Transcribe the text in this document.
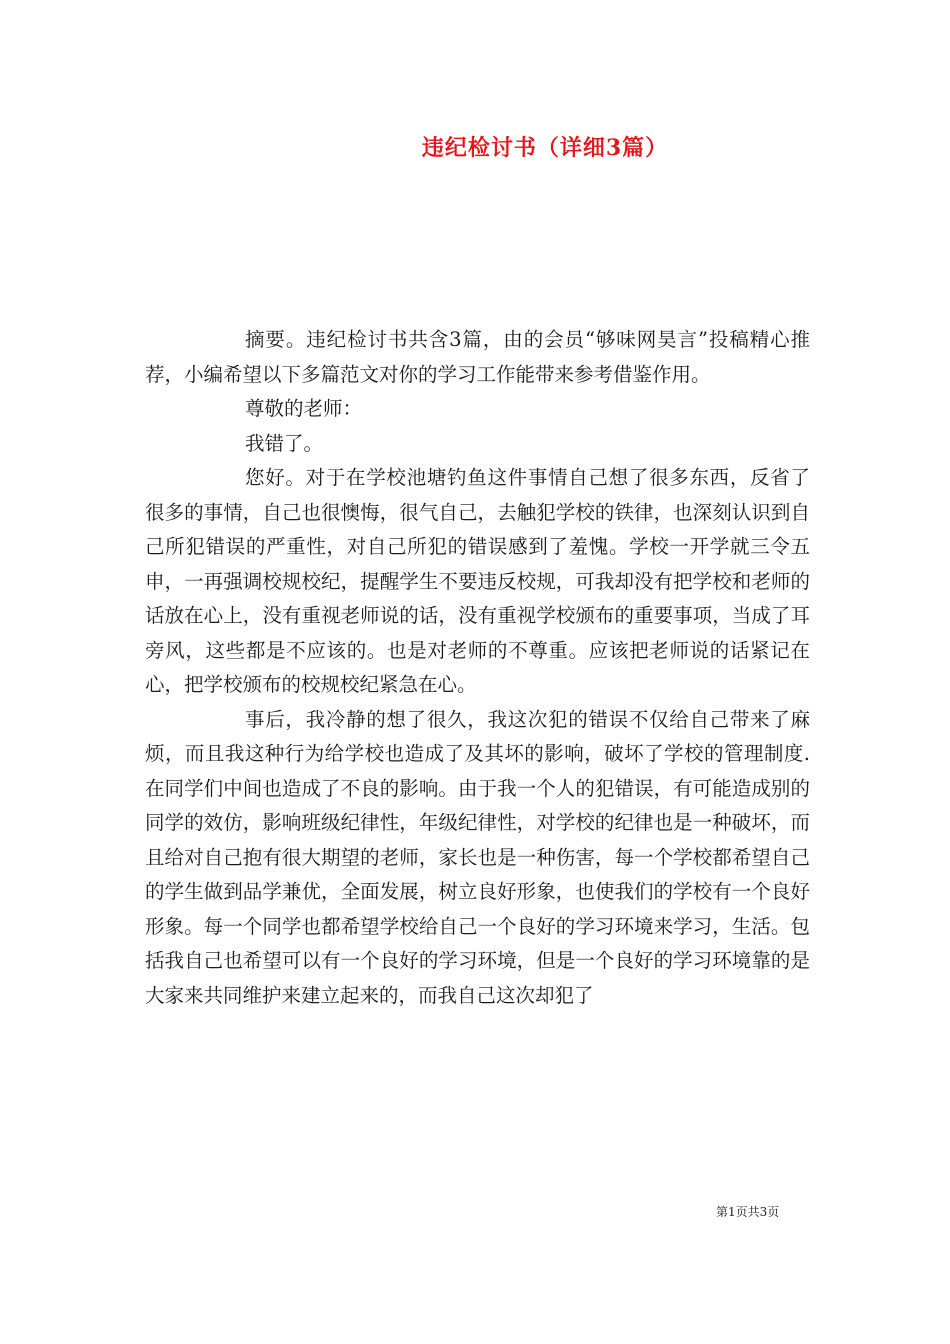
违纪检讨书（详细3篇）

摘要。违纪检讨书共含3篇，由的会员“够味网昊言”投稿精心推荐，小编希望以下多篇范文对你的学习工作能带来参考借鉴作用。

尊敬的老师：

我错了。

您好。对于在学校池塘钓鱼这件事情自己想了很多东西，反省了很多的事情，自己也很懊悔，很气自己，去触犯学校的铁律，也深刻认识到自己所犯错误的严重性，对自己所犯的错误感到了羞愧。学校一开学就三令五申，一再强调校规校纪，提醒学生不要违反校规，可我却没有把学校和老师的话放在心上，没有重视老师说的话，没有重视学校颁布的重要事项，当成了耳旁风，这些都是不应该的。也是对老师的不尊重。应该把老师说的话紧记在心，把学校颁布的校规校纪紧急在心。

事后，我冷静的想了很久，我这次犯的错误不仅给自己带来了麻烦，而且我这种行为给学校也造成了及其坏的影响，破坏了学校的管理制度.在同学们中间也造成了不良的影响。由于我一个人的犯错误，有可能造成别的同学的效仿，影响班级纪律性，年级纪律性，对学校的纪律也是一种破坏，而且给对自己抱有很大期望的老师，家长也是一种伤害，每一个学校都希望自己的学生做到品学兼优，全面发展，树立良好形象，也使我们的学校有一个良好形象。每一个同学也都希望学校给自己一个良好的学习环境来学习，生活。包括我自己也希望可以有一个良好的学习环境，但是一个良好的学习环境靠的是大家来共同维护来建立起来的，而我自己这次却犯了

第1页共3页
